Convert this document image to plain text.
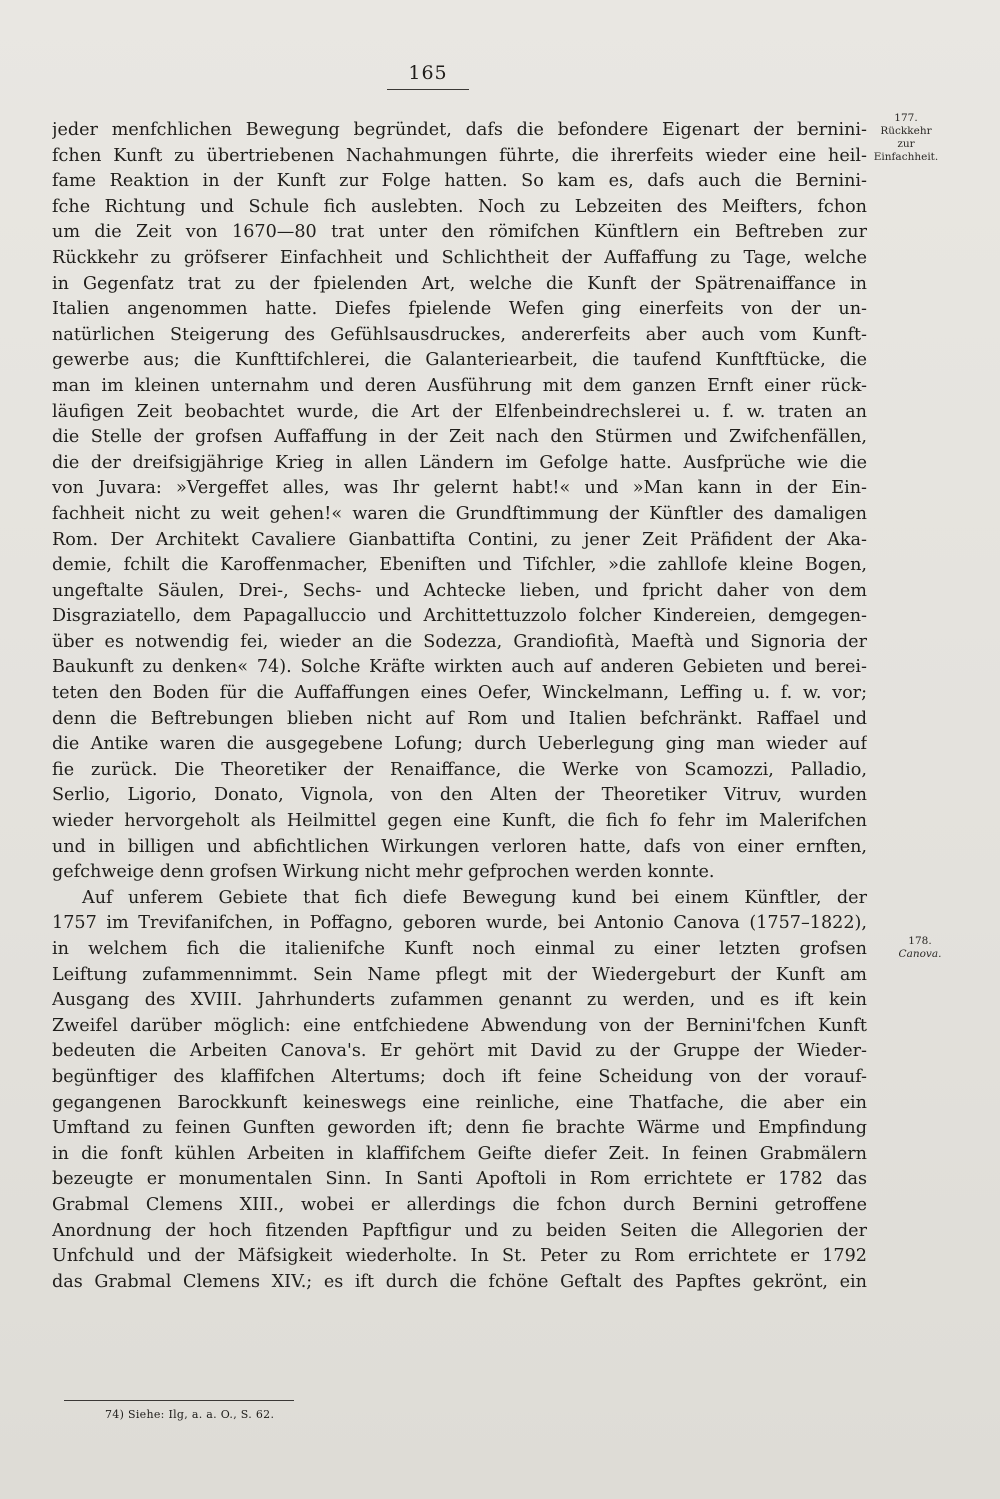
165
177.
Rückkehr
zur
Einfachheit.
178.
Canova.
jeder menfchlichen Bewegung begründet, dafs die befondere Eigenart der bernini-
fchen Kunft zu übertriebenen Nachahmungen führte, die ihrerfeits wieder eine heil-
fame Reaktion in der Kunft zur Folge hatten. So kam es, dafs auch die Bernini-
fche Richtung und Schule fich auslebten. Noch zu Lebzeiten des Meifters, fchon
um die Zeit von 1670—80 trat unter den römifchen Künftlern ein Beftreben zur
Rückkehr zu gröfserer Einfachheit und Schlichtheit der Auffaffung zu Tage, welche
in Gegenfatz trat zu der fpielenden Art, welche die Kunft der Spätrenaiffance in
Italien angenommen hatte. Diefes fpielende Wefen ging einerfeits von der un-
natürlichen Steigerung des Gefühlsausdruckes, andererfeits aber auch vom Kunft-
gewerbe aus; die Kunfttifchlerei, die Galanteriearbeit, die taufend Kunftftücke, die
man im kleinen unternahm und deren Ausführung mit dem ganzen Ernft einer rück-
läufigen Zeit beobachtet wurde, die Art der Elfenbeindrechslerei u. f. w. traten an
die Stelle der grofsen Auffaffung in der Zeit nach den Stürmen und Zwifchenfällen,
die der dreifsigjährige Krieg in allen Ländern im Gefolge hatte. Ausfprüche wie die
von Juvara: »Vergeffet alles, was Ihr gelernt habt!« und »Man kann in der Ein-
fachheit nicht zu weit gehen!« waren die Grundftimmung der Künftler des damaligen
Rom. Der Architekt Cavaliere Gianbattifta Contini, zu jener Zeit Präfident der Aka-
demie, fchilt die Karoffenmacher, Ebeniften und Tifchler, »die zahllofe kleine Bogen,
ungeftalte Säulen, Drei-, Sechs- und Achtecke lieben, und fpricht daher von dem
Disgraziatello, dem Papagalluccio und Archittettuzzolo folcher Kindereien, demgegen-
über es notwendig fei, wieder an die Sodezza, Grandiofità, Maeftà und Signoria der
Baukunft zu denken« 74). Solche Kräfte wirkten auch auf anderen Gebieten und berei-
teten den Boden für die Auffaffungen eines Oefer, Winckelmann, Leffing u. f. w. vor;
denn die Beftrebungen blieben nicht auf Rom und Italien befchränkt. Raffael und
die Antike waren die ausgegebene Lofung; durch Ueberlegung ging man wieder auf
fie zurück. Die Theoretiker der Renaiffance, die Werke von Scamozzi, Palladio,
Serlio, Ligorio, Donato, Vignola, von den Alten der Theoretiker Vitruv, wurden
wieder hervorgeholt als Heilmittel gegen eine Kunft, die fich fo fehr im Malerifchen
und in billigen und abfichtlichen Wirkungen verloren hatte, dafs von einer ernften,
gefchweige denn grofsen Wirkung nicht mehr gefprochen werden konnte.
Auf unferem Gebiete that fich diefe Bewegung kund bei einem Künftler, der
1757 im Trevifanifchen, in Poffagno, geboren wurde, bei Antonio Canova (1757–1822),
in welchem fich die italienifche Kunft noch einmal zu einer letzten grofsen
Leiftung zufammennimmt. Sein Name pflegt mit der Wiedergeburt der Kunft am
Ausgang des XVIII. Jahrhunderts zufammen genannt zu werden, und es ift kein
Zweifel darüber möglich: eine entfchiedene Abwendung von der Bernini'fchen Kunft
bedeuten die Arbeiten Canova's. Er gehört mit David zu der Gruppe der Wieder-
begünftiger des klaffifchen Altertums; doch ift feine Scheidung von der vorauf-
gegangenen Barockkunft keineswegs eine reinliche, eine Thatfache, die aber ein
Umftand zu feinen Gunften geworden ift; denn fie brachte Wärme und Empfindung
in die fonft kühlen Arbeiten in klaffifchem Geifte diefer Zeit. In feinen Grabmälern
bezeugte er monumentalen Sinn. In Santi Apoftoli in Rom errichtete er 1782 das
Grabmal Clemens XIII., wobei er allerdings die fchon durch Bernini getroffene
Anordnung der hoch fitzenden Papftfigur und zu beiden Seiten die Allegorien der
Unfchuld und der Mäfsigkeit wiederholte. In St. Peter zu Rom errichtete er 1792
das Grabmal Clemens XIV.; es ift durch die fchöne Geftalt des Papftes gekrönt, ein
74) Siehe: Ilg, a. a. O., S. 62.
